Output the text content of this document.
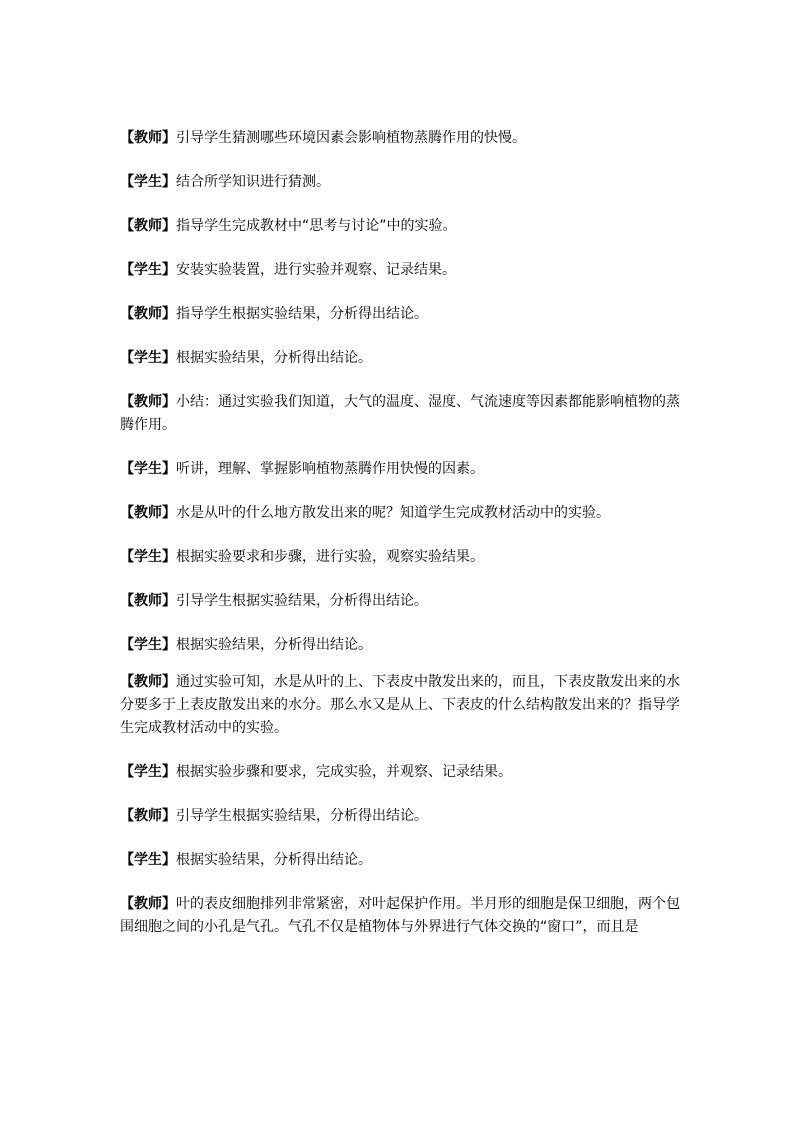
【教师】引导学生猜测哪些环境因素会影响植物蒸腾作用的快慢。

【学生】结合所学知识进行猜测。

【教师】指导学生完成教材中“思考与讨论”中的实验。

【学生】安装实验装置，进行实验并观察、记录结果。

【教师】指导学生根据实验结果，分析得出结论。

【学生】根据实验结果，分析得出结论。

【教师】小结：通过实验我们知道，大气的温度、湿度、气流速度等因素都能影响植物的蒸腾作用。

【学生】听讲，理解、掌握影响植物蒸腾作用快慢的因素。

【教师】水是从叶的什么地方散发出来的呢？知道学生完成教材活动中的实验。

【学生】根据实验要求和步骤，进行实验，观察实验结果。

【教师】引导学生根据实验结果，分析得出结论。

【学生】根据实验结果，分析得出结论。

【教师】通过实验可知，水是从叶的上、下表皮中散发出来的，而且，下表皮散发出来的水分要多于上表皮散发出来的水分。那么水又是从上、下表皮的什么结构散发出来的？指导学生完成教材活动中的实验。

【学生】根据实验步骤和要求，完成实验，并观察、记录结果。

【教师】引导学生根据实验结果，分析得出结论。

【学生】根据实验结果，分析得出结论。

【教师】叶的表皮细胞排列非常紧密，对叶起保护作用。半月形的细胞是保卫细胞，两个包围细胞之间的小孔是气孔。气孔不仅是植物体与外界进行气体交换的“窗口”，而且是
